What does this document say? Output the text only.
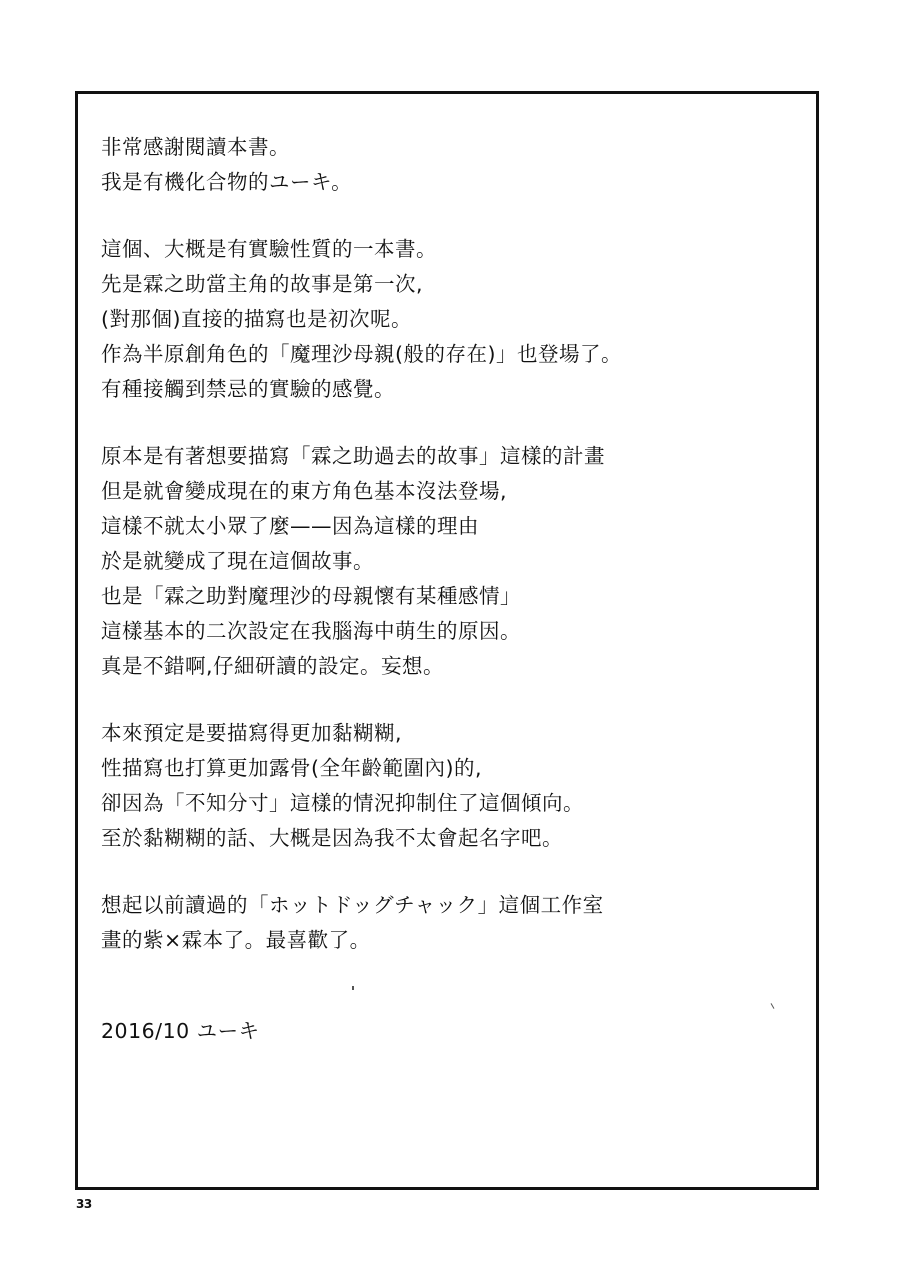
非常感謝閱讀本書。
我是有機化合物的ユーキ。
這個、大概是有實驗性質的一本書。
先是霖之助當主角的故事是第一次,
(對那個)直接的描寫也是初次呢。
作為半原創角色的「魔理沙母親(般的存在)」也登場了。
有種接觸到禁忌的實驗的感覺。
原本是有著想要描寫「霖之助過去的故事」這樣的計畫
但是就會變成現在的東方角色基本沒法登場,
這樣不就太小眾了麼——因為這樣的理由
於是就變成了現在這個故事。
也是「霖之助對魔理沙的母親懷有某種感情」
這樣基本的二次設定在我腦海中萌生的原因。
真是不錯啊,仔細研讀的設定。妄想。
本來預定是要描寫得更加黏糊糊,
性描寫也打算更加露骨(全年齡範圍內)的,
卻因為「不知分寸」這樣的情況抑制住了這個傾向。
至於黏糊糊的話、大概是因為我不太會起名字吧。
想起以前讀過的「ホットドッグチャック」這個工作室
畫的紫×霖本了。最喜歡了。
2016/10 ユーキ
33
